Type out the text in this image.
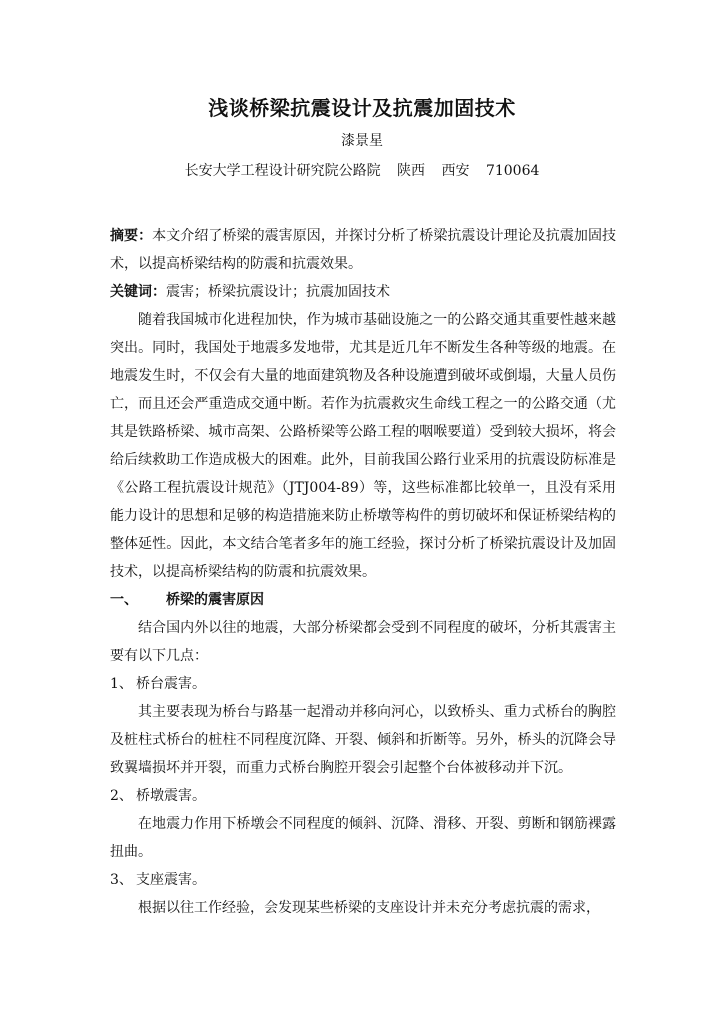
浅谈桥梁抗震设计及抗震加固技术
漆景星
长安大学工程设计研究院公路院 陕西 西安 710064

摘要：本文介绍了桥梁的震害原因，并探讨分析了桥梁抗震设计理论及抗震加固技术，以提高桥梁结构的防震和抗震效果。

关键词：震害；桥梁抗震设计；抗震加固技术

随着我国城市化进程加快，作为城市基础设施之一的公路交通其重要性越来越突出。同时，我国处于地震多发地带，尤其是近几年不断发生各种等级的地震。在地震发生时，不仅会有大量的地面建筑物及各种设施遭到破坏或倒塌，大量人员伤亡，而且还会严重造成交通中断。若作为抗震救灾生命线工程之一的公路交通（尤其是铁路桥梁、城市高架、公路桥梁等公路工程的咽喉要道）受到较大损坏，将会给后续救助工作造成极大的困难。此外，目前我国公路行业采用的抗震设防标准是《公路工程抗震设计规范》（JTJ004-89）等，这些标准都比较单一，且没有采用能力设计的思想和足够的构造措施来防止桥墩等构件的剪切破坏和保证桥梁结构的整体延性。因此，本文结合笔者多年的施工经验，探讨分析了桥梁抗震设计及加固技术，以提高桥梁结构的防震和抗震效果。

一、 桥梁的震害原因

结合国内外以往的地震，大部分桥梁都会受到不同程度的破坏，分析其震害主要有以下几点：

1、 桥台震害。

其主要表现为桥台与路基一起滑动并移向河心，以致桥头、重力式桥台的胸腔及桩柱式桥台的桩柱不同程度沉降、开裂、倾斜和折断等。另外，桥头的沉降会导致翼墙损坏并开裂，而重力式桥台胸腔开裂会引起整个台体被移动并下沉。

2、 桥墩震害。

在地震力作用下桥墩会不同程度的倾斜、沉降、滑移、开裂、剪断和钢筋裸露扭曲。

3、 支座震害。

根据以往工作经验，会发现某些桥梁的支座设计并未充分考虑抗震的需求，
